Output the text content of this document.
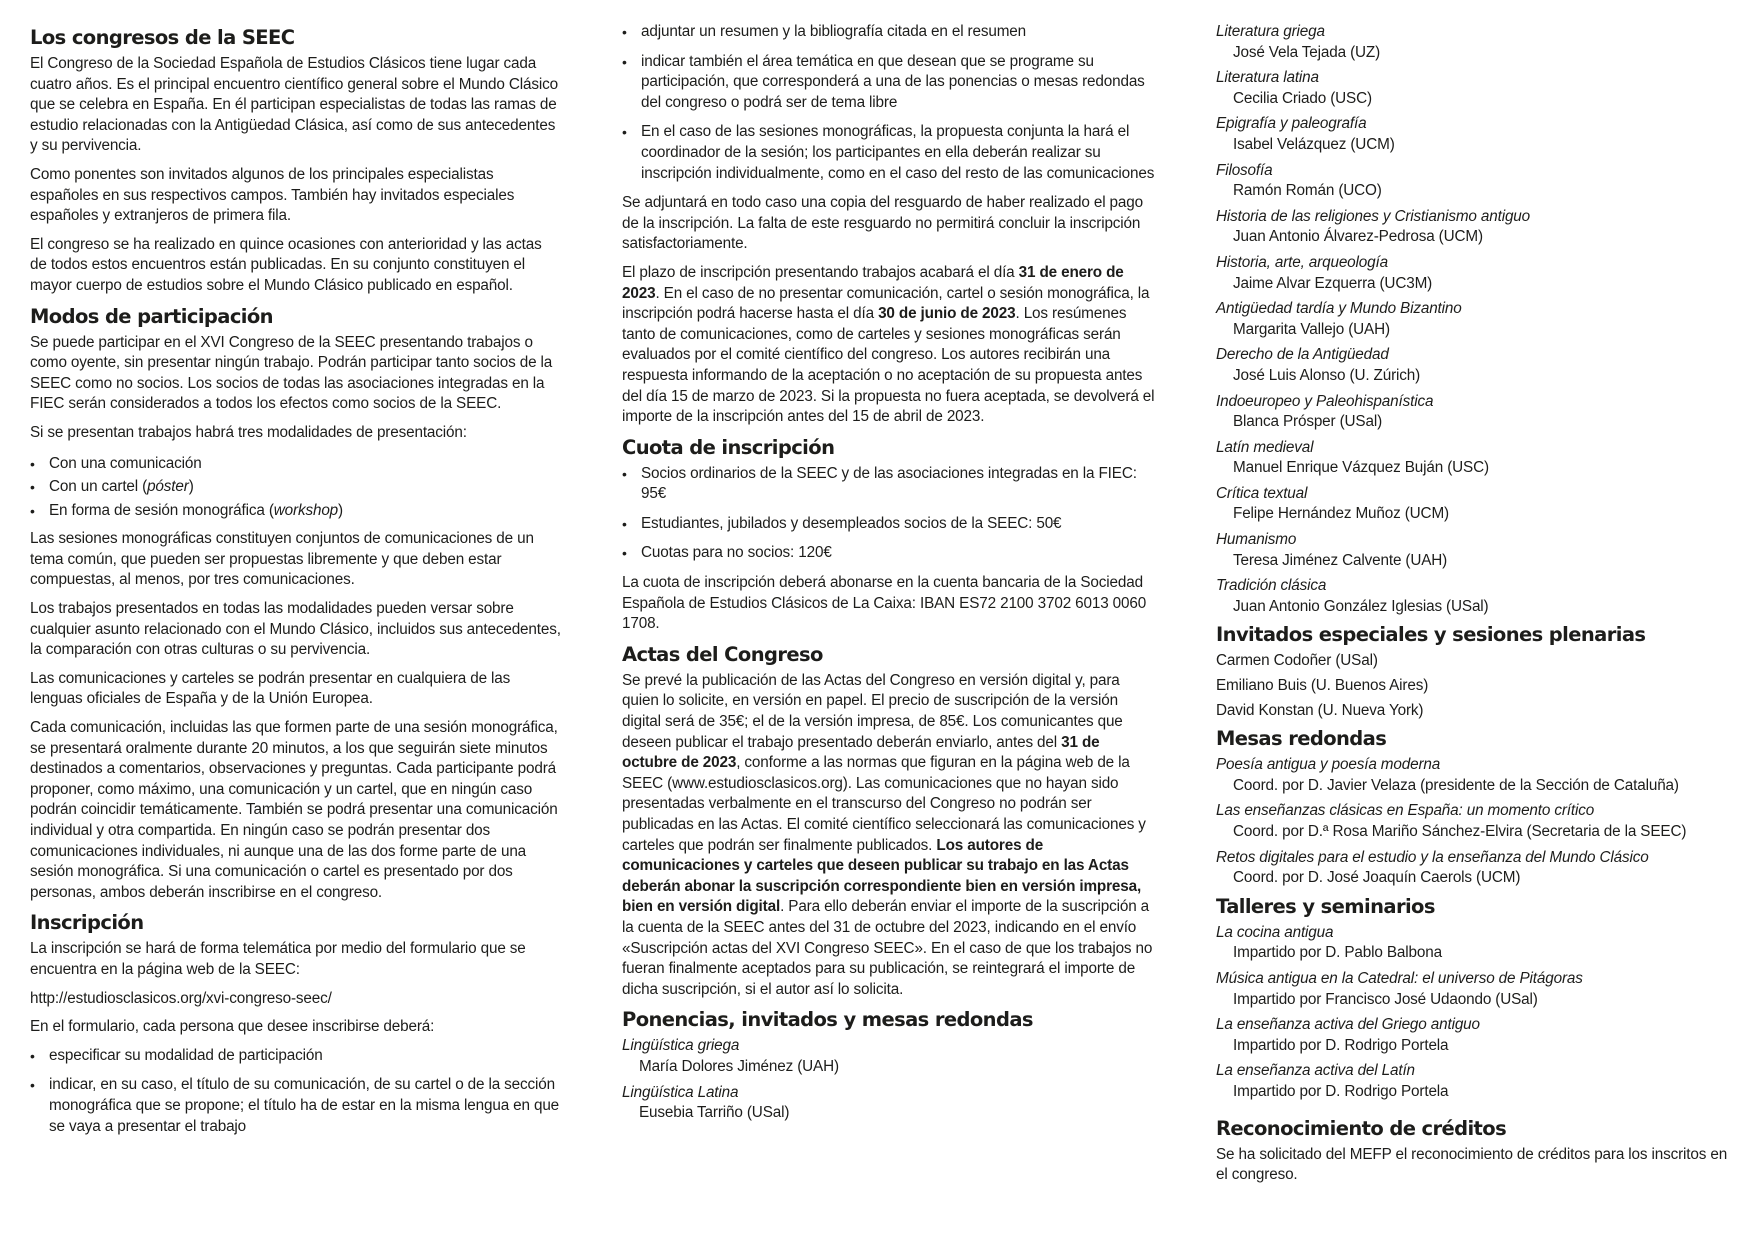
Los congresos de la SEEC

El Congreso de la Sociedad Española de Estudios Clásicos tiene lugar cada cuatro años. Es el principal encuentro científico general sobre el Mundo Clásico que se celebra en España. En él participan especialistas de todas las ramas de estudio relacionadas con la Antigüedad Clásica, así como de sus antecedentes y su pervivencia.

Como ponentes son invitados algunos de los principales especialistas españoles en sus respectivos campos. También hay invitados especiales españoles y extranjeros de primera fila.

El congreso se ha realizado en quince ocasiones con anterioridad y las actas de todos estos encuentros están publicadas. En su conjunto constituyen el mayor cuerpo de estudios sobre el Mundo Clásico publicado en español.

Modos de participación

Se puede participar en el XVI Congreso de la SEEC presentando trabajos o como oyente, sin presentar ningún trabajo. Podrán participar tanto socios de la SEEC como no socios. Los socios de todas las asociaciones integradas en la FIEC serán considerados a todos los efectos como socios de la SEEC.

Si se presentan trabajos habrá tres modalidades de presentación:

• Con una comunicación
• Con un cartel (póster)
• En forma de sesión monográfica (workshop)

Las sesiones monográficas constituyen conjuntos de comunicaciones de un tema común, que pueden ser propuestas libremente y que deben estar compuestas, al menos, por tres comunicaciones.

Los trabajos presentados en todas las modalidades pueden versar sobre cualquier asunto relacionado con el Mundo Clásico, incluidos sus antecedentes, la comparación con otras culturas o su pervivencia.

Las comunicaciones y carteles se podrán presentar en cualquiera de las lenguas oficiales de España y de la Unión Europea.

Cada comunicación, incluidas las que formen parte de una sesión monográfica, se presentará oralmente durante 20 minutos, a los que seguirán siete minutos destinados a comentarios, observaciones y preguntas. Cada participante podrá proponer, como máximo, una comunicación y un cartel, que en ningún caso podrán coincidir temáticamente. También se podrá presentar una comunicación individual y otra compartida. En ningún caso se podrán presentar dos comunicaciones individuales, ni aunque una de las dos forme parte de una sesión monográfica. Si una comunicación o cartel es presentado por dos personas, ambos deberán inscribirse en el congreso.

Inscripción

La inscripción se hará de forma telemática por medio del formulario que se encuentra en la página web de la SEEC:

http://estudiosclasicos.org/xvi-congreso-seec/

En el formulario, cada persona que desee inscribirse deberá:

• especificar su modalidad de participación
• indicar, en su caso, el título de su comunicación, de su cartel o de la sección monográfica que se propone; el título ha de estar en la misma lengua en que se vaya a presentar el trabajo
• adjuntar un resumen y la bibliografía citada en el resumen
• indicar también el área temática en que desean que se programe su participación, que corresponderá a una de las ponencias o mesas redondas del congreso o podrá ser de tema libre
• En el caso de las sesiones monográficas, la propuesta conjunta la hará el coordinador de la sesión; los participantes en ella deberán realizar su inscripción individualmente, como en el caso del resto de las comunicaciones

Se adjuntará en todo caso una copia del resguardo de haber realizado el pago de la inscripción. La falta de este resguardo no permitirá concluir la inscripción satisfactoriamente.

El plazo de inscripción presentando trabajos acabará el día 31 de enero de 2023. En el caso de no presentar comunicación, cartel o sesión monográfica, la inscripción podrá hacerse hasta el día 30 de junio de 2023. Los resúmenes tanto de comunicaciones, como de carteles y sesiones monográficas serán evaluados por el comité científico del congreso. Los autores recibirán una respuesta informando de la aceptación o no aceptación de su propuesta antes del día 15 de marzo de 2023. Si la propuesta no fuera aceptada, se devolverá el importe de la inscripción antes del 15 de abril de 2023.

Cuota de inscripción
• Socios ordinarios de la SEEC y de las asociaciones integradas en la FIEC: 95€
• Estudiantes, jubilados y desempleados socios de la SEEC: 50€
• Cuotas para no socios: 120€

La cuota de inscripción deberá abonarse en la cuenta bancaria de la Sociedad Española de Estudios Clásicos de La Caixa: IBAN ES72 2100 3702 6013 0060 1708.

Actas del Congreso

Se prevé la publicación de las Actas del Congreso en versión digital y, para quien lo solicite, en versión en papel. El precio de suscripción de la versión digital será de 35€; el de la versión impresa, de 85€. Los comunicantes que deseen publicar el trabajo presentado deberán enviarlo, antes del 31 de octubre de 2023, conforme a las normas que figuran en la página web de la SEEC (www.estudiosclasicos.org). Las comunicaciones que no hayan sido presentadas verbalmente en el transcurso del Congreso no podrán ser publicadas en las Actas. El comité científico seleccionará las comunicaciones y carteles que podrán ser finalmente publicados. Los autores de comunicaciones y carteles que deseen publicar su trabajo en las Actas deberán abonar la suscripción correspondiente bien en versión impresa, bien en versión digital. Para ello deberán enviar el importe de la suscripción a la cuenta de la SEEC antes del 31 de octubre del 2023, indicando en el envío «Suscripción actas del XVI Congreso SEEC». En el caso de que los trabajos no fueran finalmente aceptados para su publicación, se reintegrará el importe de dicha suscripción, si el autor así lo solicita.

Ponencias, invitados y mesas redondas
Lingüística griega
María Dolores Jiménez (UAH)
Lingüística Latina
Eusebia Tarriño (USal)
Literatura griega
José Vela Tejada (UZ)
Literatura latina
Cecilia Criado (USC)
Epigrafía y paleografía
Isabel Velázquez (UCM)
Filosofía
Ramón Román (UCO)
Historia de las religiones y Cristianismo antiguo
Juan Antonio Álvarez-Pedrosa (UCM)
Historia, arte, arqueología
Jaime Alvar Ezquerra (UC3M)
Antigüedad tardía y Mundo Bizantino
Margarita Vallejo (UAH)
Derecho de la Antigüedad
José Luis Alonso (U. Zúrich)
Indoeuropeo y Paleohispanística
Blanca Prósper (USal)
Latín medieval
Manuel Enrique Vázquez Buján (USC)
Crítica textual
Felipe Hernández Muñoz (UCM)
Humanismo
Teresa Jiménez Calvente (UAH)
Tradición clásica
Juan Antonio González Iglesias (USal)
Invitados especiales y sesiones plenarias
Carmen Codoñer (USal)
Emiliano Buis (U. Buenos Aires)
David Konstan (U. Nueva York)
Mesas redondas
Poesía antigua y poesía moderna
Coord. por D. Javier Velaza (presidente de la Sección de Cataluña)
Las enseñanzas clásicas en España: un momento crítico
Coord. por D.ª Rosa Mariño Sánchez-Elvira (Secretaria de la SEEC)
Retos digitales para el estudio y la enseñanza del Mundo Clásico
Coord. por D. José Joaquín Caerols (UCM)
Talleres y seminarios
La cocina antigua
Impartido por D. Pablo Balbona
Música antigua en la Catedral: el universo de Pitágoras
Impartido por Francisco José Udaondo (USal)
La enseñanza activa del Griego antiguo
Impartido por D. Rodrigo Portela
La enseñanza activa del Latín
Impartido por D. Rodrigo Portela
Reconocimiento de créditos

Se ha solicitado del MEFP el reconocimiento de créditos para los inscritos en el congreso.
